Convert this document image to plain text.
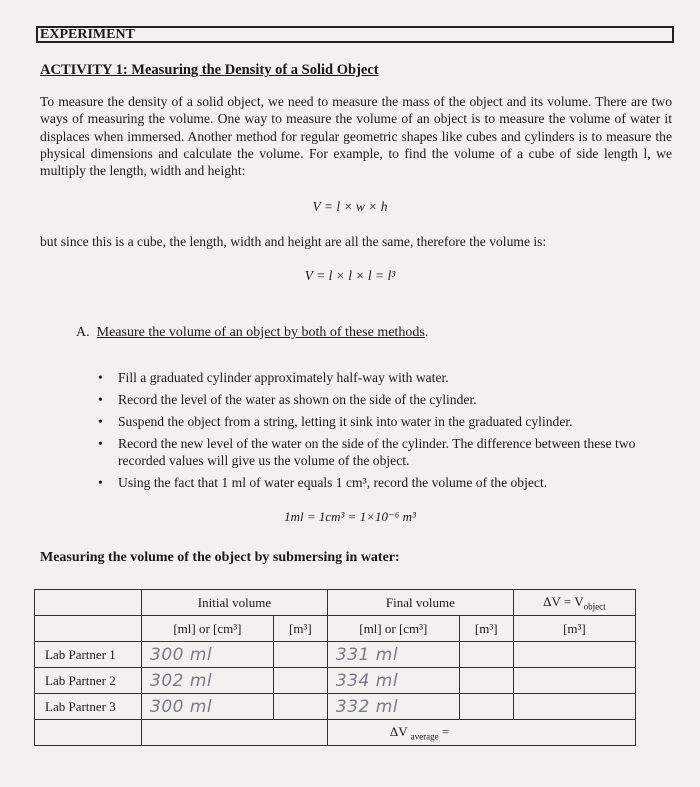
EXPERIMENT
ACTIVITY 1: Measuring the Density of a Solid Object
To measure the density of a solid object, we need to measure the mass of the object and its volume. There are two ways of measuring the volume. One way to measure the volume of an object is to measure the volume of water it displaces when immersed. Another method for regular geometric shapes like cubes and cylinders is to measure the physical dimensions and calculate the volume. For example, to find the volume of a cube of side length l, we multiply the length, width and height:
V = l × w × h
but since this is a cube, the length, width and height are all the same, therefore the volume is:
V = l × l × l = l³
A. Measure the volume of an object by both of these methods.
• Fill a graduated cylinder approximately half-way with water.
• Record the level of the water as shown on the side of the cylinder.
• Suspend the object from a string, letting it sink into water in the graduated cylinder.
• Record the new level of the water on the side of the cylinder. The difference between these two recorded values will give us the volume of the object.
• Using the fact that 1 ml of water equals 1 cm³, record the volume of the object.
1ml = 1cm³ = 1×10⁻⁶ m³
Measuring the volume of the object by submersing in water:
	Initial volume		Final volume		$\Delta V = V_{object}$
	[ml] or [cm³]	[m³]	[ml] or [cm³]	[m³]	[m³]
Lab Partner 1	300 ml		331 ml		
Lab Partner 2	302 ml		334 ml		
Lab Partner 3	300 ml		332 ml		
			ΔV $_{average}$ =		
